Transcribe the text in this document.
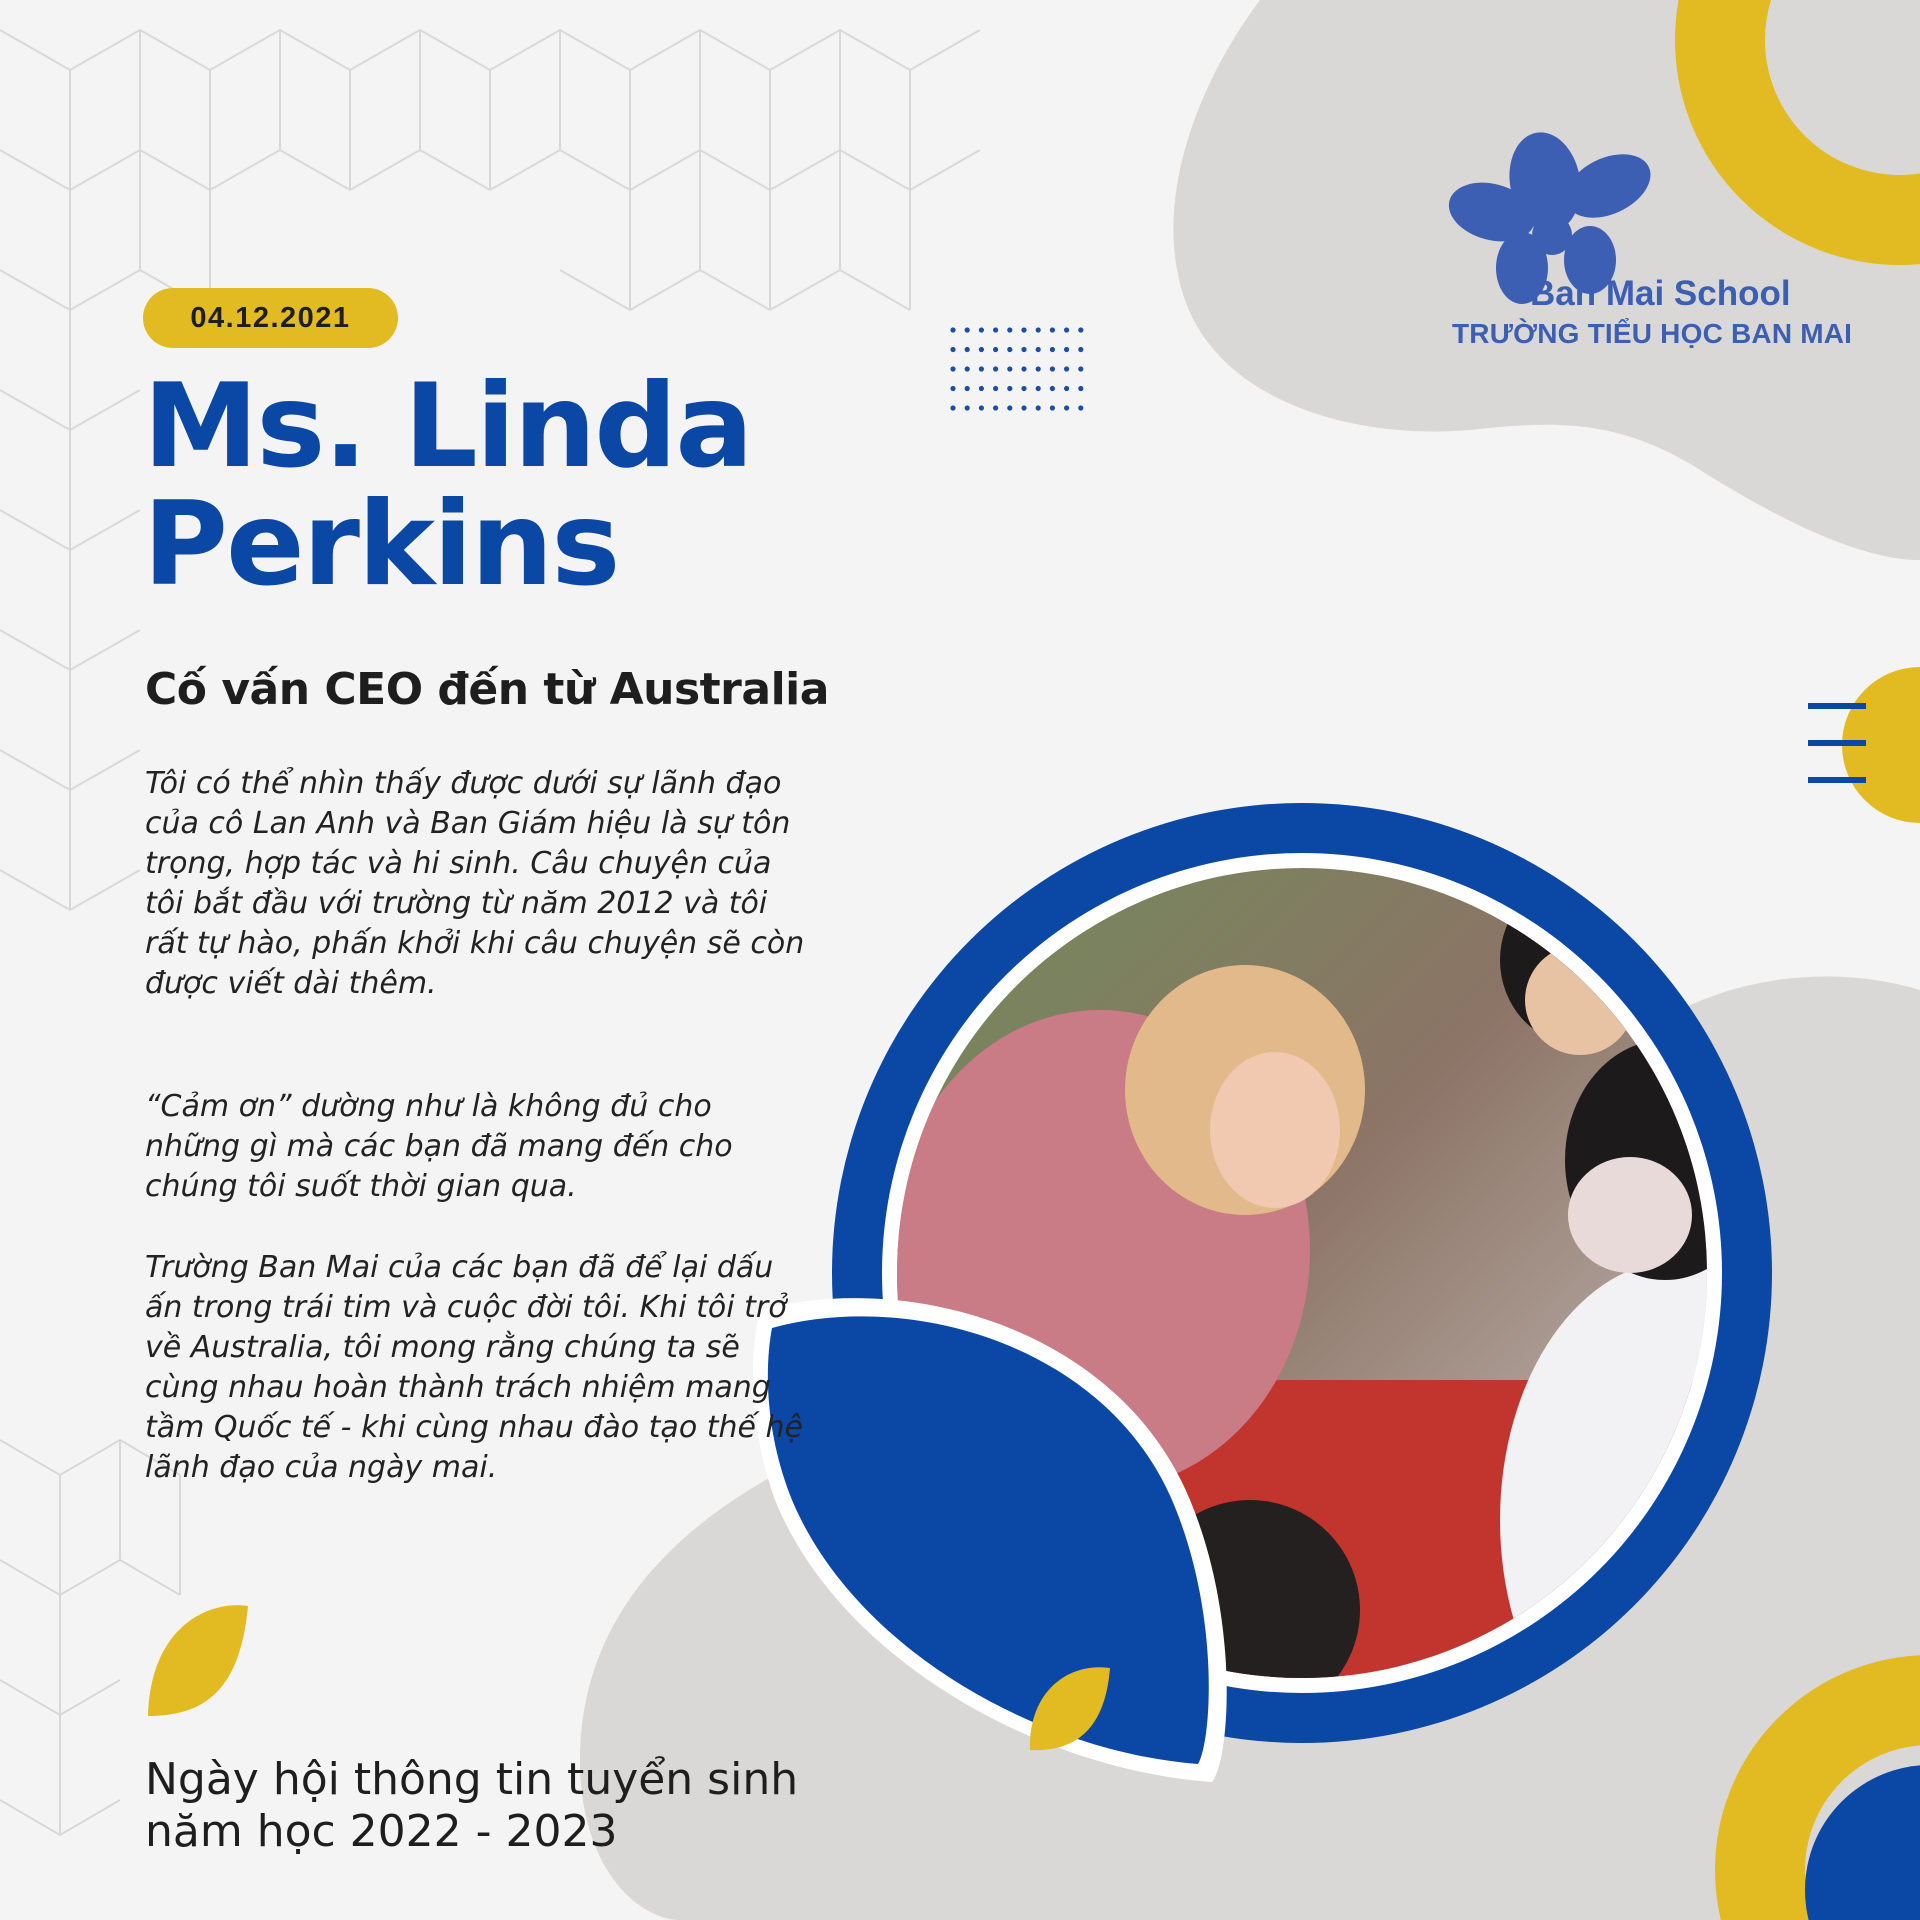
04.12.2021
Ms. Linda
Perkins
Cố vấn CEO đến từ Australia
Tôi có thể nhìn thấy được dưới sự lãnh đạo của cô Lan Anh và Ban Giám hiệu là sự tôn trọng, hợp tác và hi sinh. Câu chuyện của tôi bắt đầu với trường từ năm 2012 và tôi rất tự hào, phấn khởi khi câu chuyện sẽ còn được viết dài thêm.
“Cảm ơn” dường như là không đủ cho những gì mà các bạn đã mang đến cho chúng tôi suốt thời gian qua.
Trường Ban Mai của các bạn đã để lại dấu ấn trong trái tim và cuộc đời tôi. Khi tôi trở về Australia, tôi mong rằng chúng ta sẽ cùng nhau hoàn thành trách nhiệm mang tầm Quốc tế - khi cùng nhau đào tạo thế hệ lãnh đạo của ngày mai.
Ngày hội thông tin tuyển sinh
năm học 2022 - 2023
Ban Mai School
TRƯỜNG TIỂU HỌC BAN MAI
